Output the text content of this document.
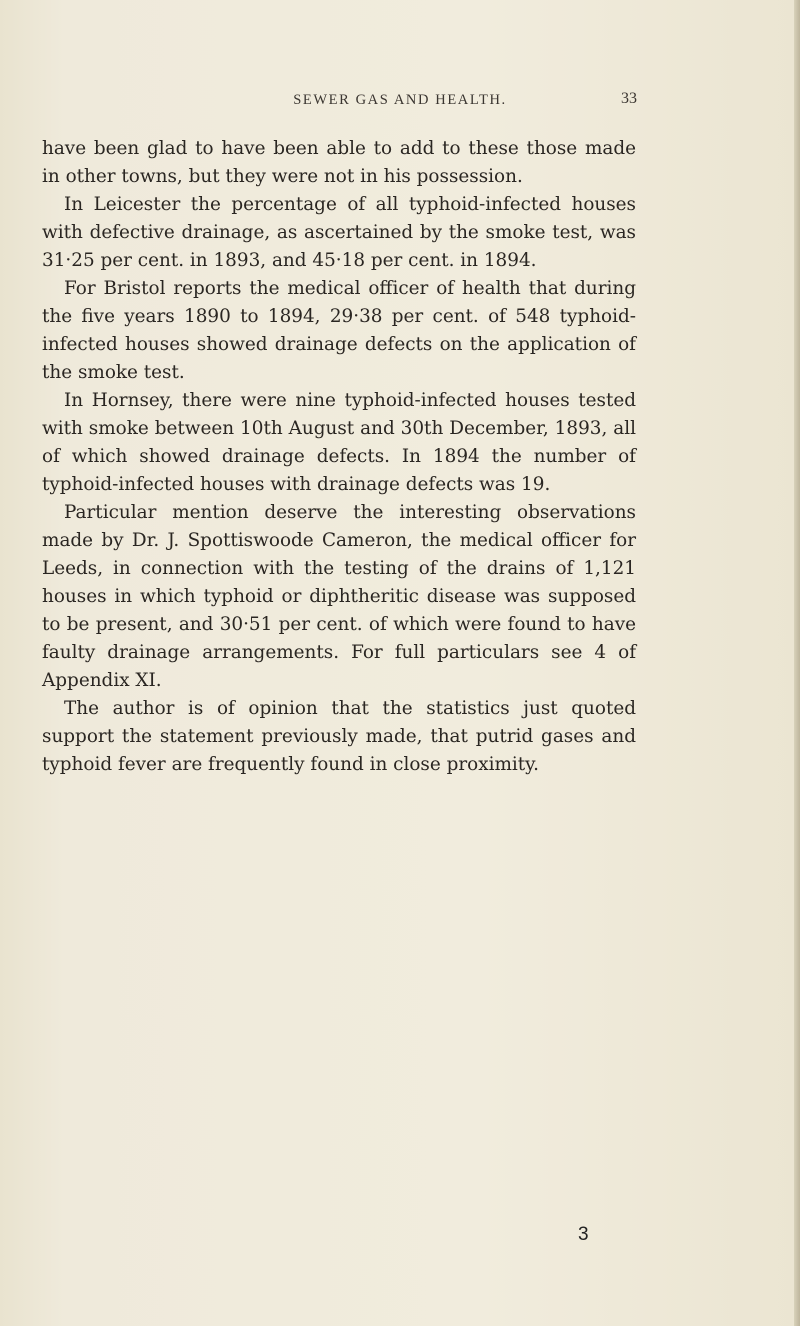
SEWER GAS AND HEALTH.	33

have been glad to have been able to add to these those made in other towns, but they were not in his possession.

In Leicester the percentage of all typhoid-infected houses with defective drainage, as ascertained by the smoke test, was 31·25 per cent. in 1893, and 45·18 per cent. in 1894.

For Bristol reports the medical officer of health that during the five years 1890 to 1894, 29·38 per cent. of 548 typhoid-infected houses showed drainage defects on the application of the smoke test.

In Hornsey, there were nine typhoid-infected houses tested with smoke between 10th August and 30th December, 1893, all of which showed drainage defects. In 1894 the number of typhoid-infected houses with drainage defects was 19.

Particular mention deserve the interesting observations made by Dr. J. Spottiswoode Cameron, the medical officer for Leeds, in connection with the testing of the drains of 1,121 houses in which typhoid or diphtheritic disease was supposed to be present, and 30·51 per cent. of which were found to have faulty drainage arrangements. For full particulars see 4 of Appendix XI.

The author is of opinion that the statistics just quoted support the statement previously made, that putrid gases and typhoid fever are frequently found in close proximity.

3
